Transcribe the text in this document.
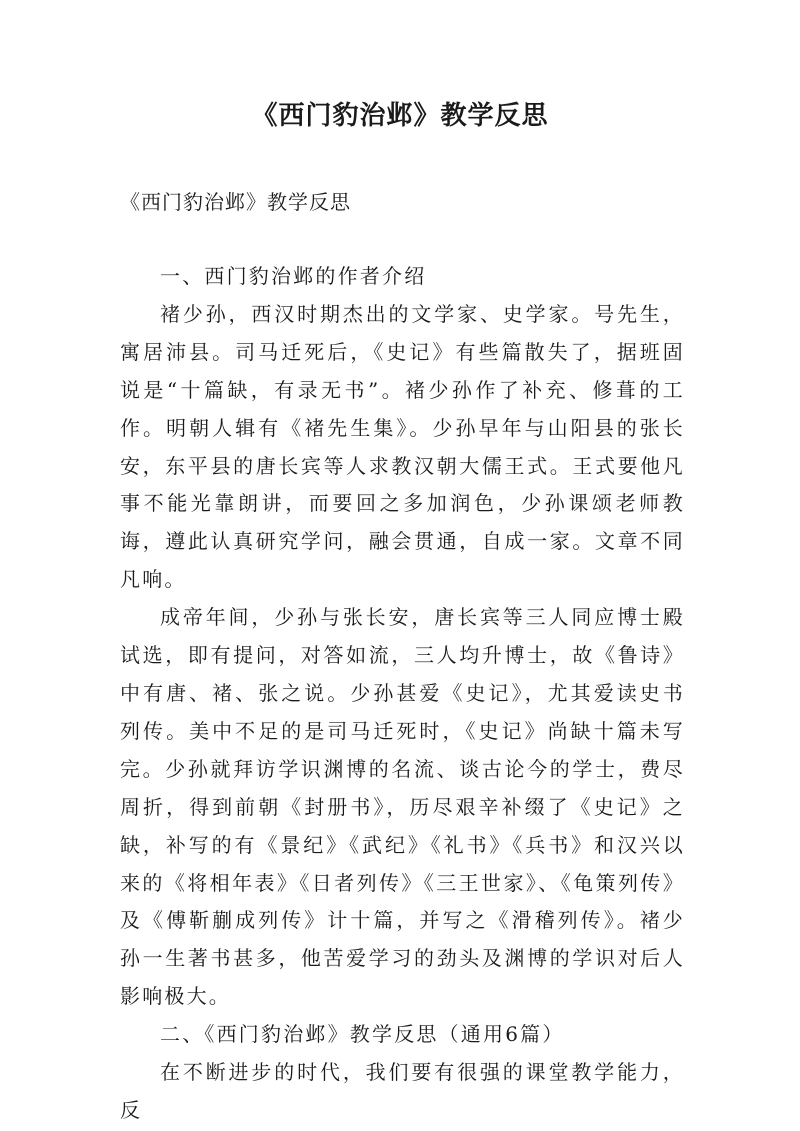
《西门豹治邺》教学反思
《西门豹治邺》教学反思

一、西门豹治邺的作者介绍

褚少孙，西汉时期杰出的文学家、史学家。号先生，寓居沛县。司马迁死后，《史记》有些篇散失了，据班固说是“十篇缺，有录无书”。褚少孙作了补充、修葺的工作。明朝人辑有《褚先生集》。少孙早年与山阳县的张长安，东平县的唐长宾等人求教汉朝大儒王式。王式要他凡事不能光靠朗讲，而要回之多加润色，少孙课颂老师教诲，遵此认真研究学问，融会贯通，自成一家。文章不同凡响。

成帝年间，少孙与张长安，唐长宾等三人同应博士殿试选，即有提问，对答如流，三人均升博士，故《鲁诗》中有唐、褚、张之说。少孙甚爱《史记》，尤其爱读史书列传。美中不足的是司马迁死时，《史记》尚缺十篇未写完。少孙就拜访学识渊博的名流、谈古论今的学士，费尽周折，得到前朝《封册书》，历尽艰辛补缀了《史记》之缺，补写的有《景纪》《武纪》《礼书》《兵书》和汉兴以来的《将相年表》《日者列传》《三王世家》、《龟策列传》及《傅靳蒯成列传》计十篇，并写之《滑稽列传》。褚少孙一生著书甚多，他苦爱学习的劲头及渊博的学识对后人影响极大。

二、《西门豹治邺》教学反思（通用6篇）

在不断进步的时代，我们要有很强的课堂教学能力，反
